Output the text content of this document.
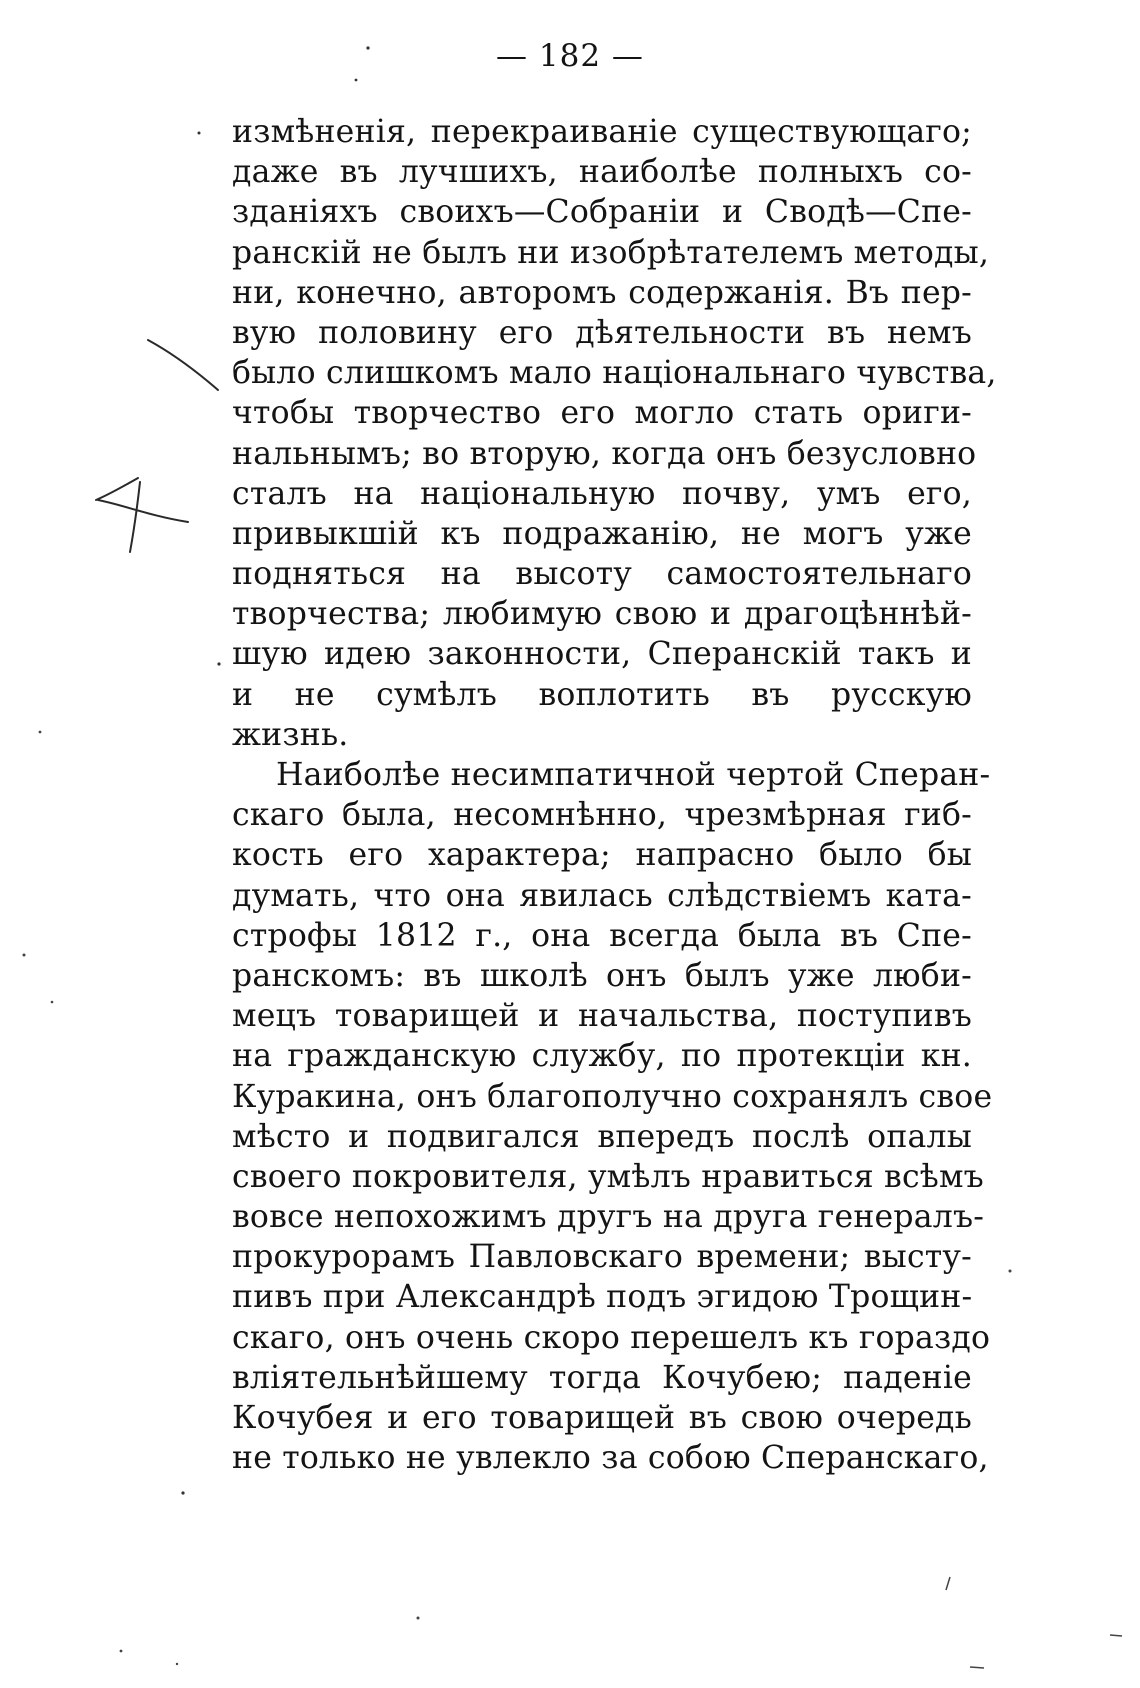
— 182 —
измѣненія, перекраиваніе существующаго;
даже въ лучшихъ, наиболѣе полныхъ со-
зданіяхъ своихъ—Собраніи и Сводѣ—Спе-
ранскій не былъ ни изобрѣтателемъ методы,
ни, конечно, авторомъ содержанія. Въ пер-
вую половину его дѣятельности въ немъ
было слишкомъ мало національнаго чувства,
чтобы творчество его могло стать ориги-
нальнымъ; во вторую, когда онъ безусловно
сталъ на національную почву, умъ его,
привыкшій къ подражанію, не могъ уже
подняться на высоту самостоятельнаго
творчества; любимую свою и драгоцѣннѣй-
шую идею законности, Сперанскій такъ и
и не сумѣлъ воплотить въ русскую
жизнь.
Наиболѣе несимпатичной чертой Сперан-
скаго была, несомнѣнно, чрезмѣрная гиб-
кость его характера; напрасно было бы
думать, что она явилась слѣдствіемъ ката-
строфы 1812 г., она всегда была въ Спе-
ранскомъ: въ школѣ онъ былъ уже люби-
мецъ товарищей и начальства, поступивъ
на гражданскую службу, по протекціи кн.
Куракина, онъ благополучно сохранялъ свое
мѣсто и подвигался впередъ послѣ опалы
своего покровителя, умѣлъ нравиться всѣмъ
вовсе непохожимъ другъ на друга генералъ-
прокурорамъ Павловскаго времени; высту-
пивъ при Александрѣ подъ эгидою Трощин-
скаго, онъ очень скоро перешелъ къ гораздо
вліятельнѣйшему тогда Кочубею; паденіе
Кочубея и его товарищей въ свою очередь
не только не увлекло за собою Сперанскаго,
